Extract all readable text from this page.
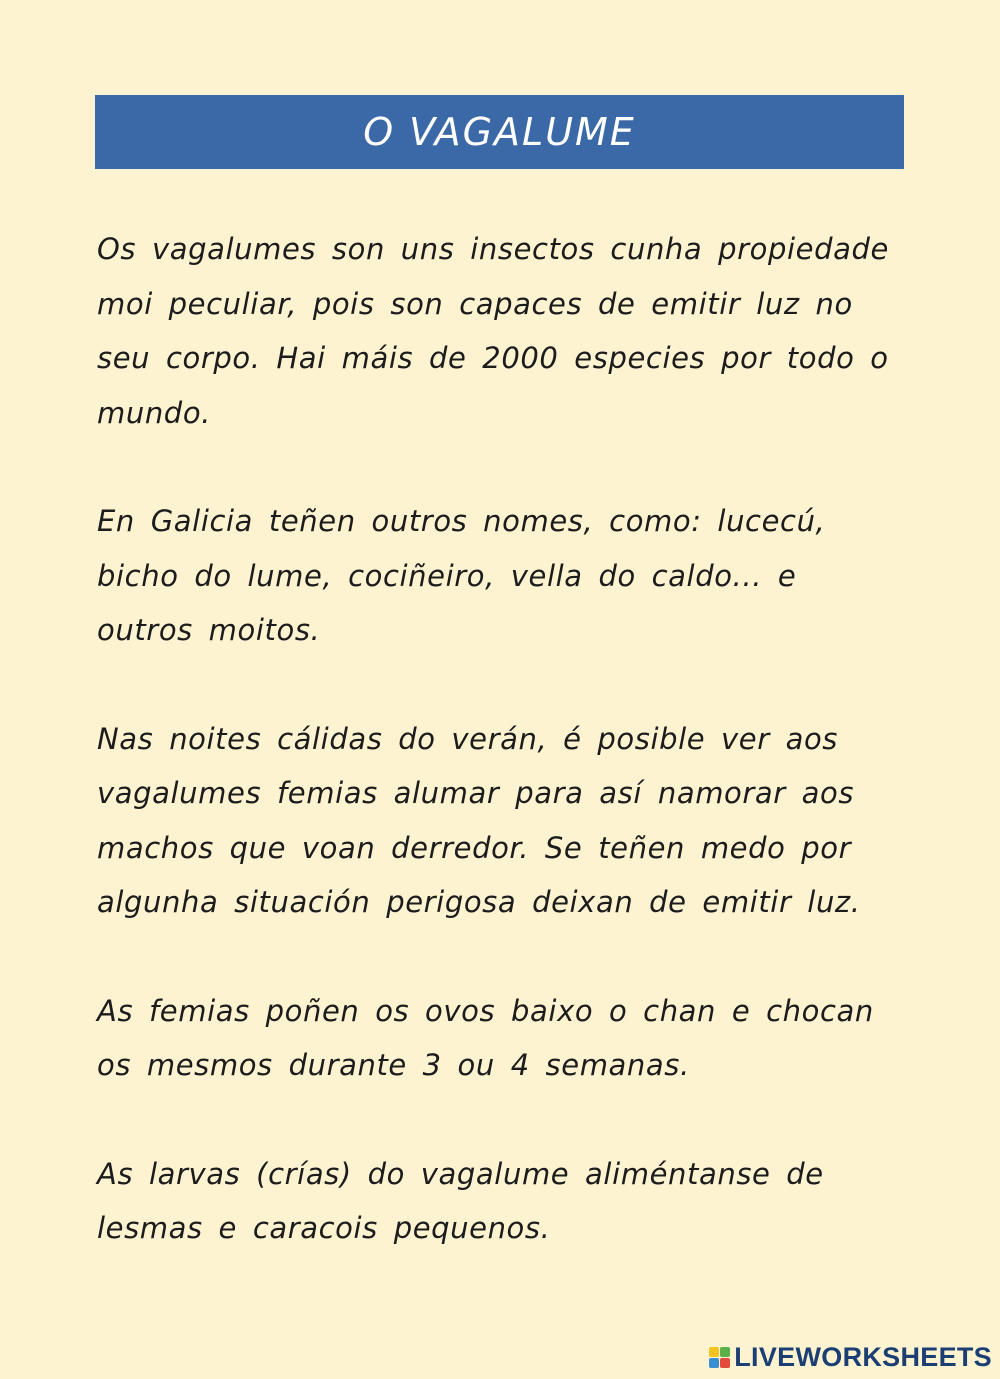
O VAGALUME

Os vagalumes son uns insectos cunha propiedade moi peculiar, pois son capaces de emitir luz no seu corpo. Hai máis de 2000 especies por todo o mundo.

En Galicia teñen outros nomes, como: lucecú, bicho do lume, cociñeiro, vella do caldo... e outros moitos.

Nas noites cálidas do verán, é posible ver aos vagalumes femias alumar para así namorar aos machos que voan derredor. Se teñen medo por algunha situación perigosa deixan de emitir luz.

As femias poñen os ovos baixo o chan e chocan os mesmos durante 3 ou 4 semanas.

As larvas (crías) do vagalume aliméntanse de lesmas e caracois pequenos.

LIVEWORKSHEETS
